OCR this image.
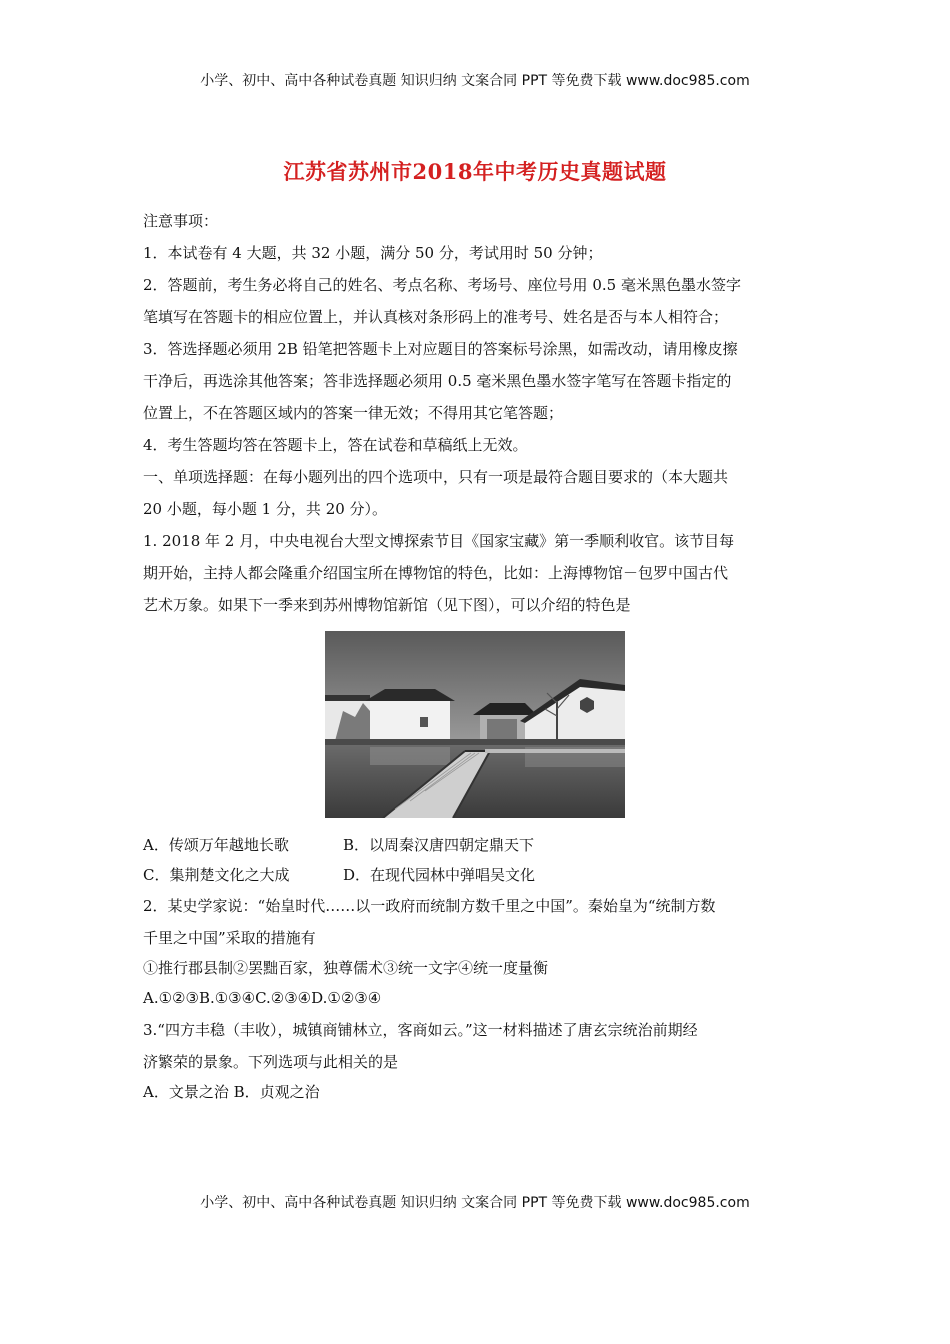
小学、初中、高中各种试卷真题 知识归纳 文案合同 PPT 等免费下载 www.doc985.com
江苏省苏州市2018年中考历史真题试题
注意事项：
1．本试卷有 4 大题，共 32 小题，满分 50 分，考试用时 50 分钟；
2．答题前，考生务必将自己的姓名、考点名称、考场号、座位号用 0.5 毫米黑色墨水签字
笔填写在答题卡的相应位置上，并认真核对条形码上的准考号、姓名是否与本人相符合；
3．答选择题必须用 2B 铅笔把答题卡上对应题目的答案标号涂黑，如需改动，请用橡皮擦
干净后，再选涂其他答案；答非选择题必须用 0.5 毫米黑色墨水签字笔写在答题卡指定的
位置上，不在答题区域内的答案一律无效；不得用其它笔答题；
4．考生答题均答在答题卡上，答在试卷和草稿纸上无效。
一、单项选择题：在每小题列出的四个选项中，只有一项是最符合题目要求的（本大题共
20 小题，每小题 1 分，共 20 分）。
1. 2018 年 2 月，中央电视台大型文博探索节目《国家宝藏》第一季顺利收官。该节目每
期开始，主持人都会隆重介绍国宝所在博物馆的特色，比如：上海博物馆－包罗中国古代
艺术万象。如果下一季来到苏州博物馆新馆（见下图），可以介绍的特色是
A．传颂万年越地长歌	B．以周秦汉唐四朝定鼎天下
C．集荆楚文化之大成	D．在现代园林中弹唱吴文化
2．某史学家说：“始皇时代……以一政府而统制方数千里之中国”。秦始皇为“统制方数
千里之中国”采取的措施有
①推行郡县制②罢黜百家，独尊儒术③统一文字④统一度量衡
A.①②③B.①③④C.②③④D.①②③④
3.“四方丰稳（丰收），城镇商铺林立，客商如云。”这一材料描述了唐玄宗统治前期经
济繁荣的景象。下列选项与此相关的是
A．文景之治 B．贞观之治
小学、初中、高中各种试卷真题 知识归纳 文案合同 PPT 等免费下载 www.doc985.com
